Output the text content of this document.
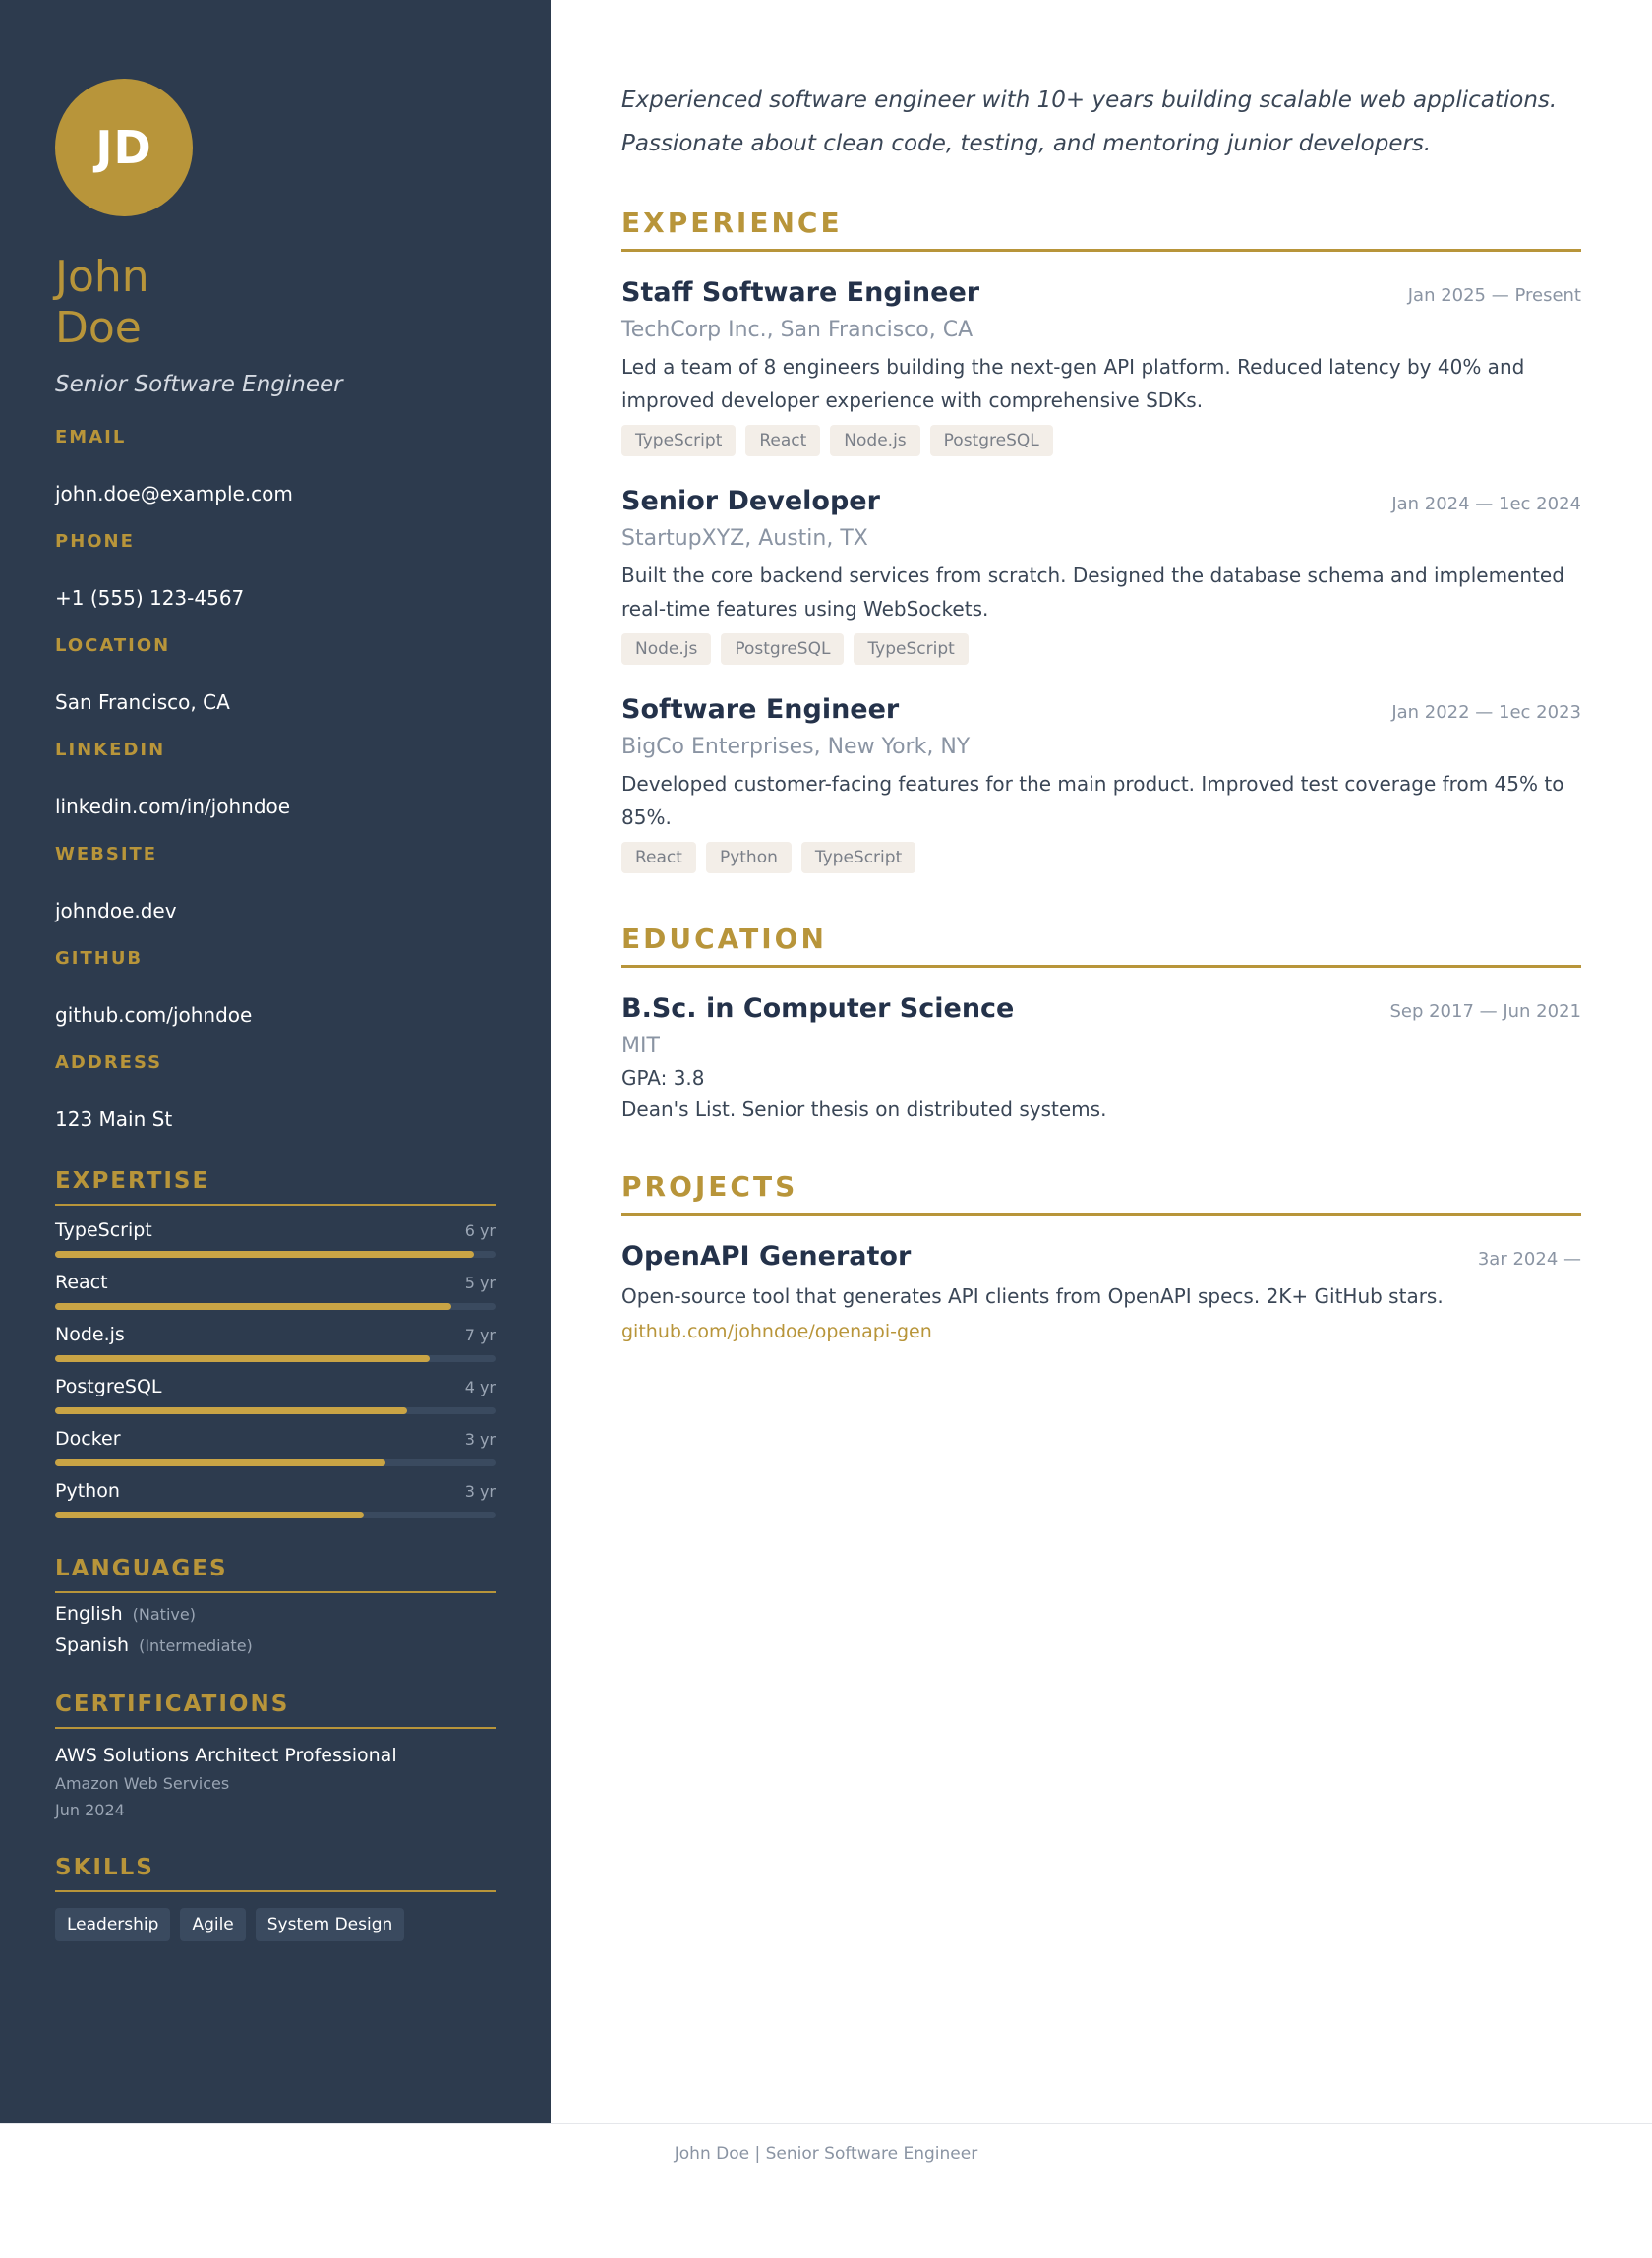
JD
John
Doe
Senior Software Engineer
EMAIL
john.doe@example.com
PHONE
+1 (555) 123-4567
LOCATION
San Francisco, CA
LINKEDIN
linkedin.com/in/johndoe
WEBSITE
johndoe.dev
GITHUB
github.com/johndoe
ADDRESS
123 Main St
EXPERTISE
TypeScript	6 yr
React	5 yr
Node.js	7 yr
PostgreSQL	4 yr
Docker	3 yr
Python	3 yr
LANGUAGES
English (Native)
Spanish (Intermediate)
CERTIFICATIONS
AWS Solutions Architect Professional
Amazon Web Services
Jun 2024
SKILLS
Leadership	Agile	System Design
Experienced software engineer with 10+ years building scalable web applications.
Passionate about clean code, testing, and mentoring junior developers.
EXPERIENCE
Staff Software Engineer	Jan 2025 — Present
TechCorp Inc., San Francisco, CA
Led a team of 8 engineers building the next-gen API platform. Reduced latency by 40% and improved developer experience with comprehensive SDKs.
TypeScript	React	Node.js	PostgreSQL
Senior Developer	Jan 2024 — 1ec 2024
StartupXYZ, Austin, TX
Built the core backend services from scratch. Designed the database schema and implemented real-time features using WebSockets.
Node.js	PostgreSQL	TypeScript
Software Engineer	Jan 2022 — 1ec 2023
BigCo Enterprises, New York, NY
Developed customer-facing features for the main product. Improved test coverage from 45% to 85%.
React	Python	TypeScript
EDUCATION
B.Sc. in Computer Science	Sep 2017 — Jun 2021
MIT
GPA: 3.8
Dean's List. Senior thesis on distributed systems.
PROJECTS
OpenAPI Generator	3ar 2024 —
Open-source tool that generates API clients from OpenAPI specs. 2K+ GitHub stars.
github.com/johndoe/openapi-gen
John Doe | Senior Software Engineer
